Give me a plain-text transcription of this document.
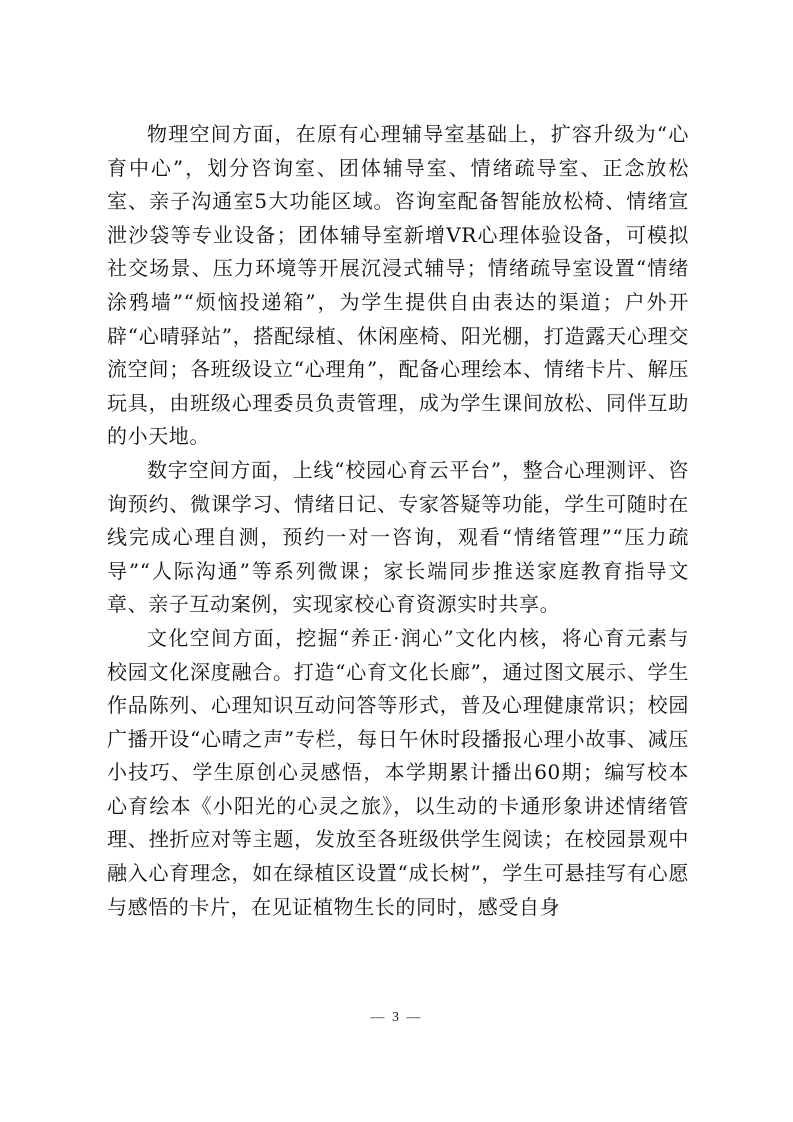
物理空间方面，在原有心理辅导室基础上，扩容升级为“心育中心”，划分咨询室、团体辅导室、情绪疏导室、正念放松室、亲子沟通室5大功能区域。咨询室配备智能放松椅、情绪宣泄沙袋等专业设备；团体辅导室新增VR心理体验设备，可模拟社交场景、压力环境等开展沉浸式辅导；情绪疏导室设置“情绪涂鸦墙”“烦恼投递箱”，为学生提供自由表达的渠道；户外开辟“心晴驿站”，搭配绿植、休闲座椅、阳光棚，打造露天心理交流空间；各班级设立“心理角”，配备心理绘本、情绪卡片、解压玩具，由班级心理委员负责管理，成为学生课间放松、同伴互助的小天地。

数字空间方面，上线“校园心育云平台”，整合心理测评、咨询预约、微课学习、情绪日记、专家答疑等功能，学生可随时在线完成心理自测，预约一对一咨询，观看“情绪管理”“压力疏导”“人际沟通”等系列微课；家长端同步推送家庭教育指导文章、亲子互动案例，实现家校心育资源实时共享。

文化空间方面，挖掘“养正·润心”文化内核，将心育元素与校园文化深度融合。打造“心育文化长廊”，通过图文展示、学生作品陈列、心理知识互动问答等形式，普及心理健康常识；校园广播开设“心晴之声”专栏，每日午休时段播报心理小故事、减压小技巧、学生原创心灵感悟，本学期累计播出60期；编写校本心育绘本《小阳光的心灵之旅》，以生动的卡通形象讲述情绪管理、挫折应对等主题，发放至各班级供学生阅读；在校园景观中融入心育理念，如在绿植区设置“成长树”，学生可悬挂写有心愿与感悟的卡片，在见证植物生长的同时，感受自身

— 3 —
